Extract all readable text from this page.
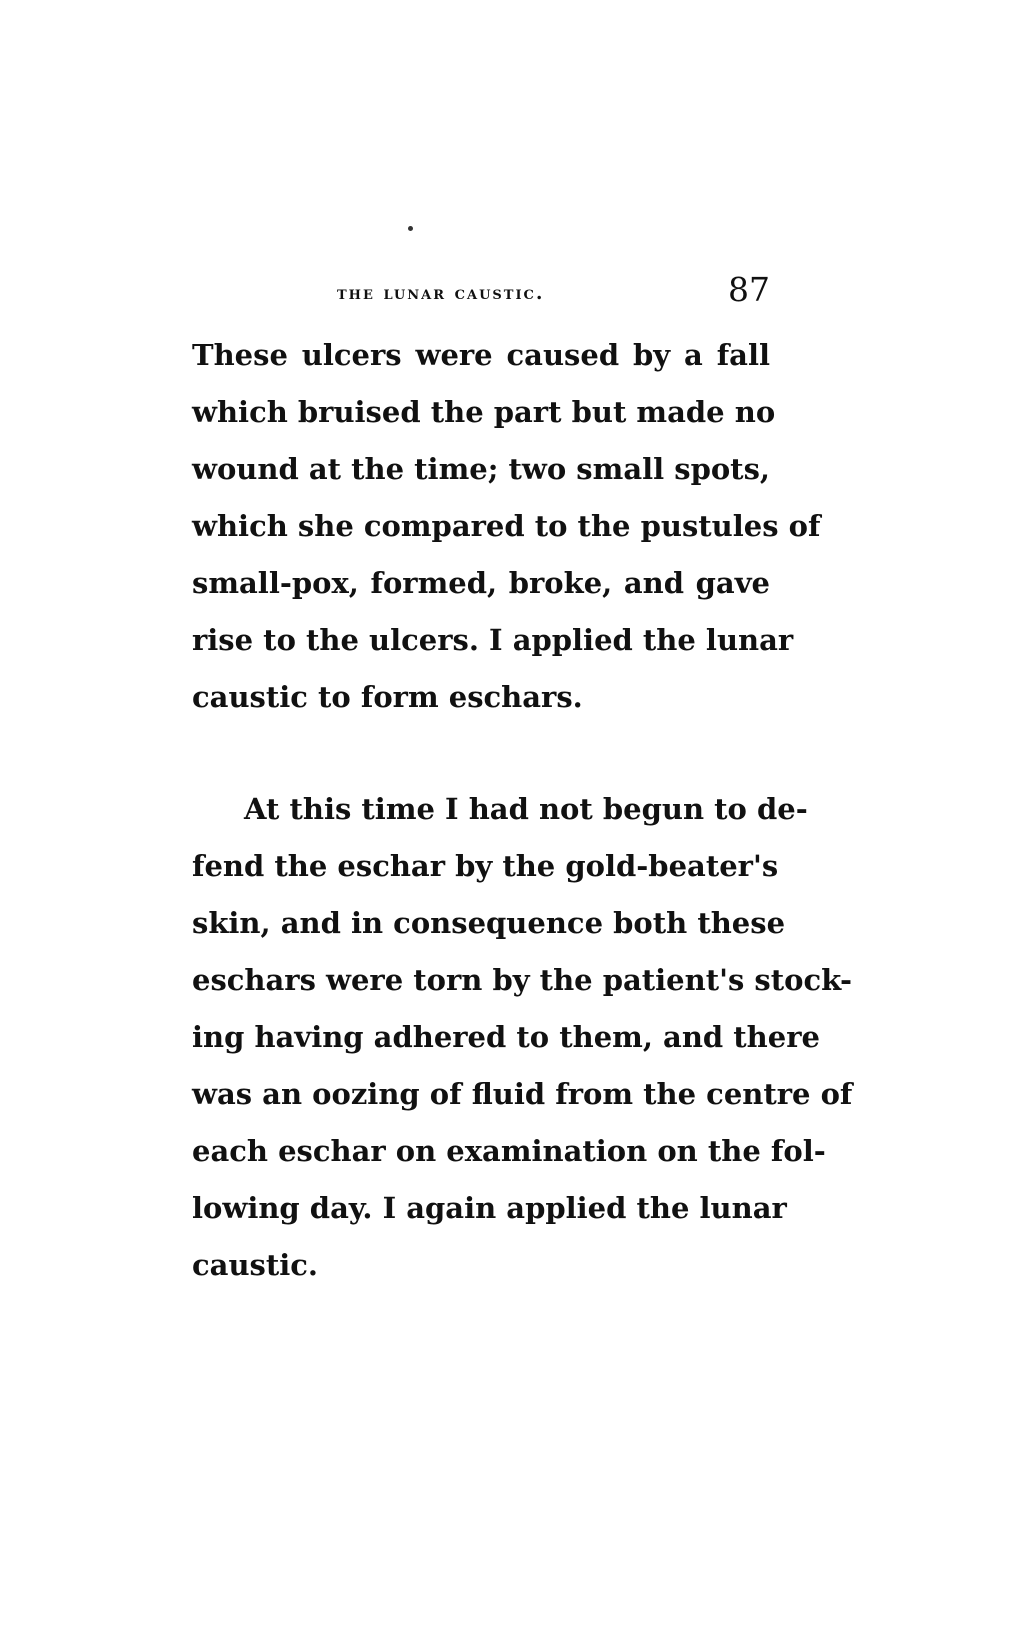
the lunar caustic.	87
These ulcers were caused by a fall
which bruised the part but made no
wound at the time; two small spots,
which she compared to the pustules of
small-pox, formed, broke, and gave
rise to the ulcers. I applied the lunar
caustic to form eschars.
At this time I had not begun to de-
fend the eschar by the gold-beater's
skin, and in consequence both these
eschars were torn by the patient's stock-
ing having adhered to them, and there
was an oozing of fluid from the centre of
each eschar on examination on the fol-
lowing day. I again applied the lunar
caustic.
